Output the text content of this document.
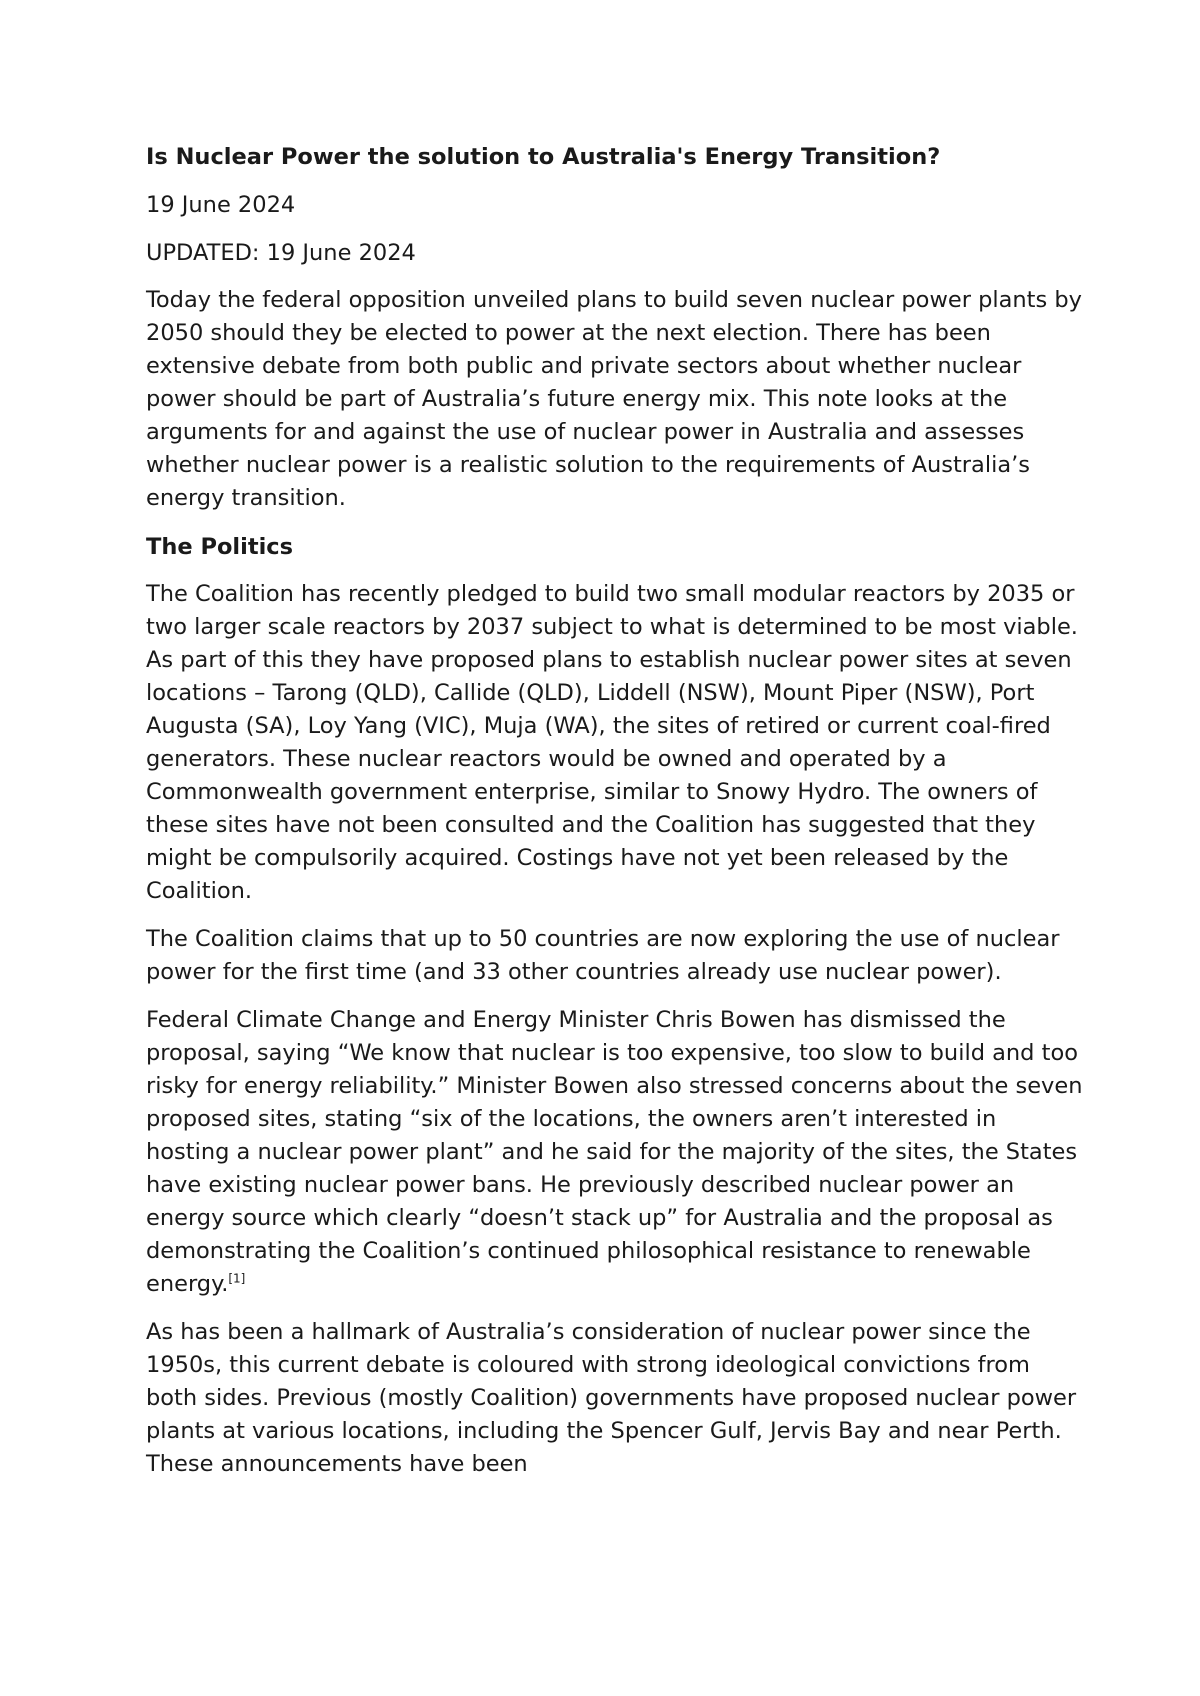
Is Nuclear Power the solution to Australia's Energy Transition?

19 June 2024

UPDATED: 19 June 2024

Today the federal opposition unveiled plans to build seven nuclear power plants by 2050 should they be elected to power at the next election. There has been extensive debate from both public and private sectors about whether nuclear power should be part of Australia’s future energy mix. This note looks at the arguments for and against the use of nuclear power in Australia and assesses whether nuclear power is a realistic solution to the requirements of Australia’s energy transition.

The Politics

The Coalition has recently pledged to build two small modular reactors by 2035 or two larger scale reactors by 2037 subject to what is determined to be most viable. As part of this they have proposed plans to establish nuclear power sites at seven locations – Tarong (QLD), Callide (QLD), Liddell (NSW), Mount Piper (NSW), Port Augusta (SA), Loy Yang (VIC), Muja (WA), the sites of retired or current coal-fired generators. These nuclear reactors would be owned and operated by a Commonwealth government enterprise, similar to Snowy Hydro. The owners of these sites have not been consulted and the Coalition has suggested that they might be compulsorily acquired. Costings have not yet been released by the Coalition.

The Coalition claims that up to 50 countries are now exploring the use of nuclear power for the first time (and 33 other countries already use nuclear power).

Federal Climate Change and Energy Minister Chris Bowen has dismissed the proposal, saying “We know that nuclear is too expensive, too slow to build and too risky for energy reliability.” Minister Bowen also stressed concerns about the seven proposed sites, stating “six of the locations, the owners aren’t interested in hosting a nuclear power plant” and he said for the majority of the sites, the States have existing nuclear power bans. He previously described nuclear power an energy source which clearly “doesn’t stack up” for Australia and the proposal as demonstrating the Coalition’s continued philosophical resistance to renewable energy.[1]

As has been a hallmark of Australia’s consideration of nuclear power since the 1950s, this current debate is coloured with strong ideological convictions from both sides. Previous (mostly Coalition) governments have proposed nuclear power plants at various locations, including the Spencer Gulf, Jervis Bay and near Perth. These announcements have been
